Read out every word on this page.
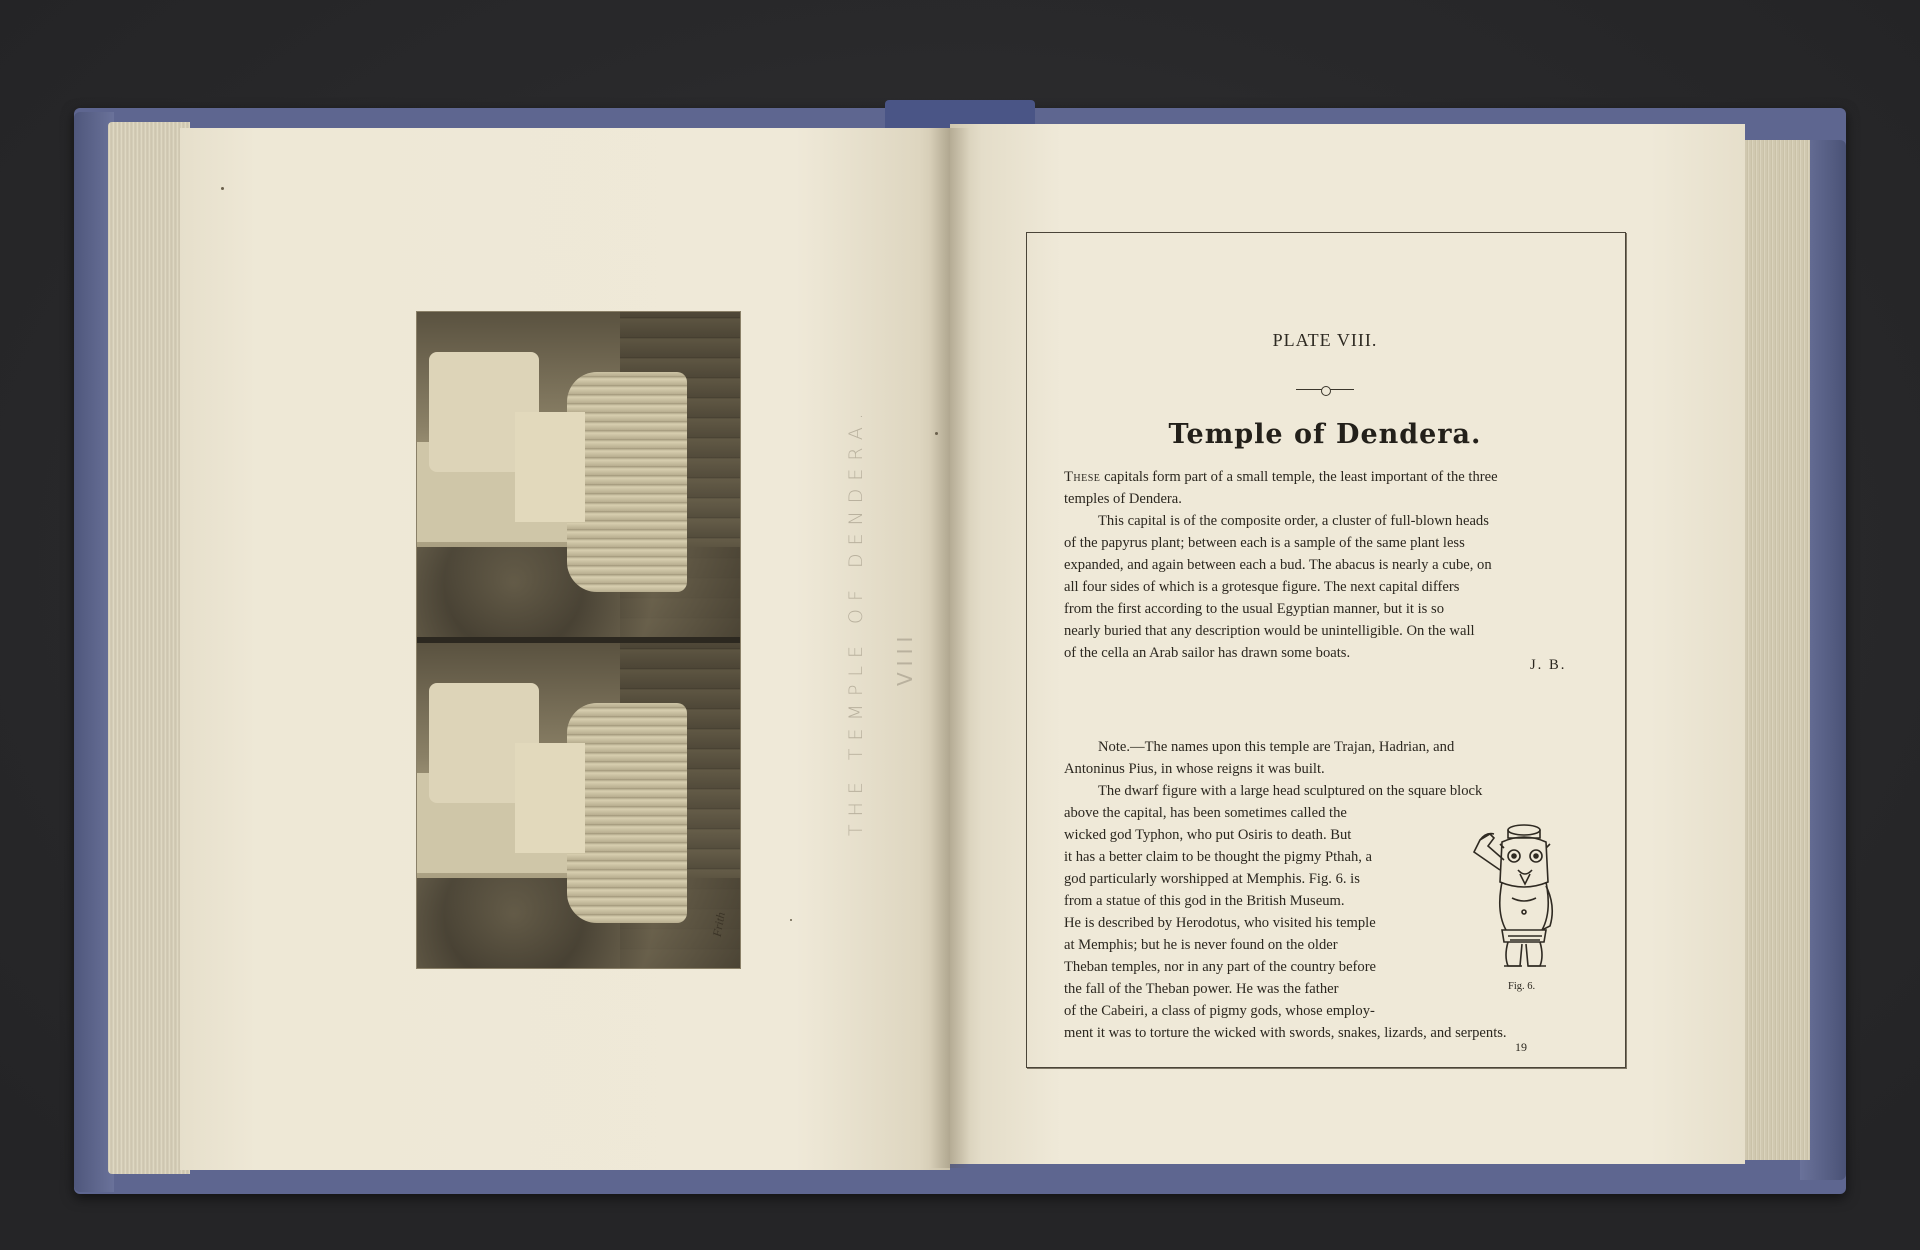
Frith
THE TEMPLE OF DENDERA. VIII
PLATE VIII.
Temple of Dendera.

These capitals form part of a small temple, the least important of the three

temples of Dendera.

This capital is of the composite order, a cluster of full-blown heads

of the papyrus plant; between each is a sample of the same plant less

expanded, and again between each a bud. The abacus is nearly a cube, on

all four sides of which is a grotesque figure. The next capital differs

from the first according to the usual Egyptian manner, but it is so

nearly buried that any description would be unintelligible. On the wall

of the cella an Arab sailor has drawn some boats.

J. B.

Note.—The names upon this temple are Trajan, Hadrian, and

Antoninus Pius, in whose reigns it was built.

The dwarf figure with a large head sculptured on the square block

above the capital, has been sometimes called the

wicked god Typhon, who put Osiris to death. But

it has a better claim to be thought the pigmy Pthah, a

god particularly worshipped at Memphis. Fig. 6. is

from a statue of this god in the British Museum.

He is described by Herodotus, who visited his temple

at Memphis; but he is never found on the older

Theban temples, nor in any part of the country before

the fall of the Theban power. He was the father

of the Cabeiri, a class of pigmy gods, whose employ-

ment it was to torture the wicked with swords, snakes, lizards, and serpents.

Fig. 6.
19
